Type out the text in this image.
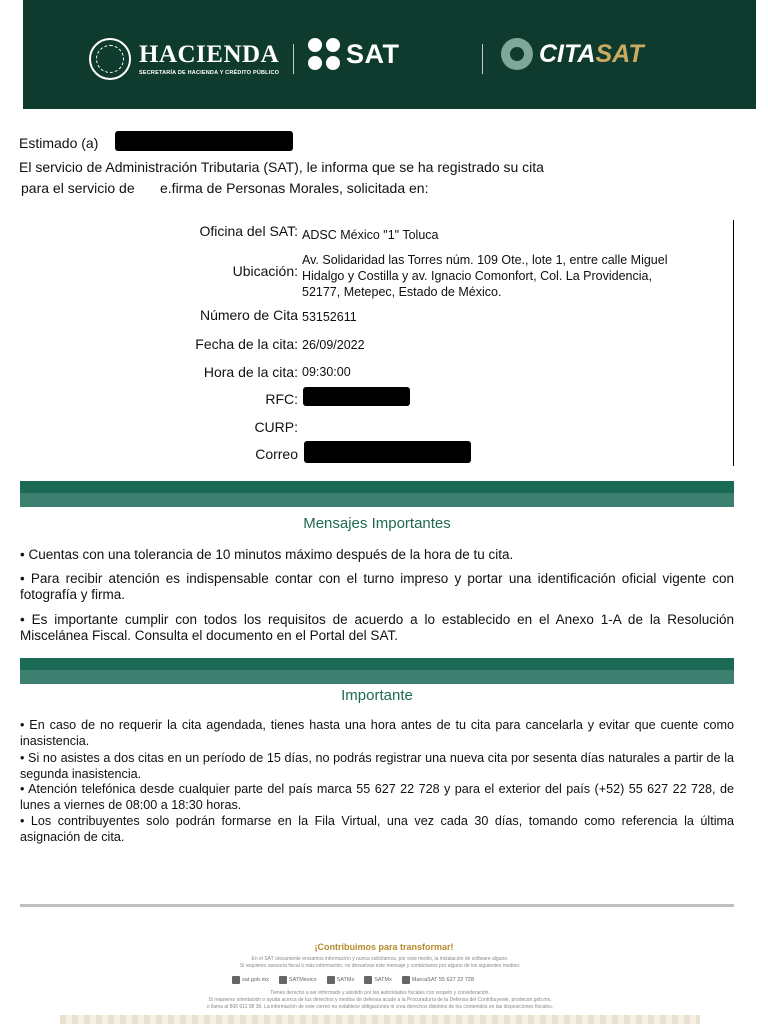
HACIENDA
SECRETARÍA DE HACIENDA Y CRÉDITO PÚBLICO
SAT	CITA SAT
Estimado (a)
El servicio de Administración Tributaria (SAT), le informa que se ha registrado su cita
para el servicio de e.firma de Personas Morales, solicitada en:
Oficina del SAT: ADSC México "1" Toluca
Ubicación:
Av. Solidaridad las Torres núm. 109 Ote., lote 1, entre calle Miguel
Hidalgo y Costilla y av. Ignacio Comonfort, Col. La Providencia,
52177, Metepec, Estado de México.
Número de Cita 53152611
Fecha de la cita: 26/09/2022
Hora de la cita: 09:30:00
RFC:
CURP:
Correo
Mensajes Importantes
• Cuentas con una tolerancia de 10 minutos máximo después de la hora de tu cita.
• Para recibir atención es indispensable contar con el turno impreso y portar una identificación oficial vigente con fotografía y firma.
• Es importante cumplir con todos los requisitos de acuerdo a lo establecido en el Anexo 1-A de la Resolución Miscelánea Fiscal. Consulta el documento en el Portal del SAT.
Importante
• En caso de no requerir la cita agendada, tienes hasta una hora antes de tu cita para cancelarla y evitar que cuente como inasistencia.
• Si no asistes a dos citas en un período de 15 días, no podrás registrar una nueva cita por sesenta días naturales a partir de la segunda inasistencia.
• Atención telefónica desde cualquier parte del país marca 55 627 22 728 y para el exterior del país (+52) 55 627 22 728, de lunes a viernes de 08:00 a 18:30 horas.
• Los contribuyentes solo podrán formarse en la Fila Virtual, una vez cada 30 días, tomando como referencia la última asignación de cita.
¡Contribuimos para transformar!
En el SAT únicamente enviamos información y nunca solicitamos, por este medio, la instalación de software alguno.
Si requieres asesoría fiscal o más información, no devuelvas este mensaje y contáctanos por alguno de los siguientes medios:
sat.gob.mx	SATMexico	SATMx	SATMx	MarcaSAT 55 627 22 728
Tienes derecho a ser informado y asistido por las autoridades fiscales con respeto y consideración.
Si requieres orientación o ayuda acerca de tus derechos y medios de defensa acude a la Procuraduría de la Defensa del Contribuyente, prodecon.gob.mx,
o llama al 800 611 08 36. La información de este correo no establece obligaciones ni crea derechos distintos de los contenidos en las disposiciones fiscales.
